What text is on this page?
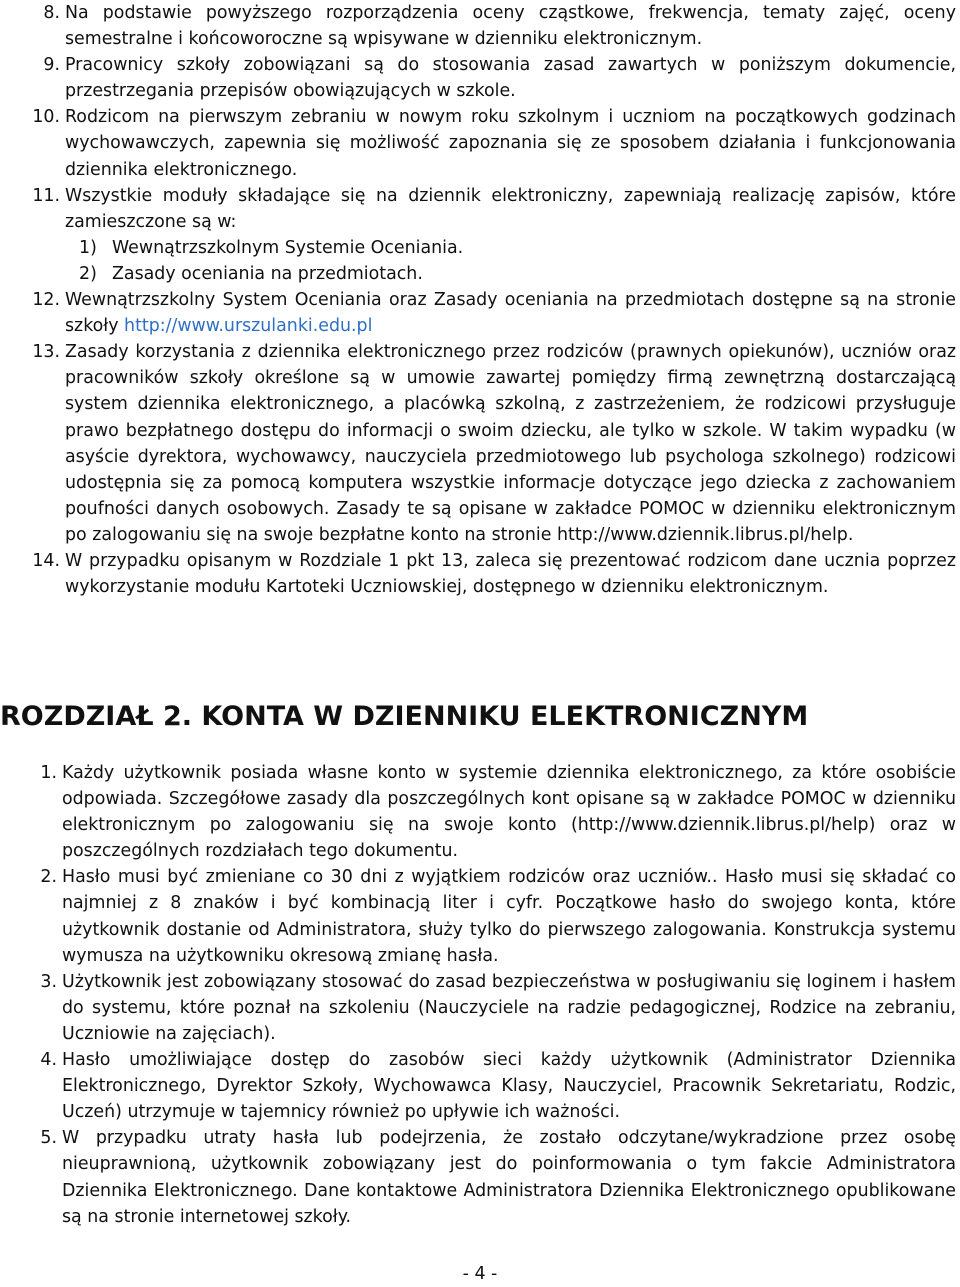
8. Na podstawie powyższego rozporządzenia oceny cząstkowe, frekwencja, tematy zajęć, oceny semestralne i końcoworoczne są wpisywane w dzienniku elektronicznym.
9. Pracownicy szkoły zobowiązani są do stosowania zasad zawartych w poniższym dokumencie, przestrzegania przepisów obowiązujących w szkole.
10. Rodzicom na pierwszym zebraniu w nowym roku szkolnym i uczniom na początkowych godzinach wychowawczych, zapewnia się możliwość zapoznania się ze sposobem działania i funkcjonowania dziennika elektronicznego.
11. Wszystkie moduły składające się na dziennik elektroniczny, zapewniają realizację zapisów, które zamieszczone są w:
1) Wewnątrzszkolnym Systemie Oceniania.
2) Zasady oceniania na przedmiotach.
12. Wewnątrzszkolny System Oceniania oraz Zasady oceniania na przedmiotach dostępne są na stronie szkoły http://www.urszulanki.edu.pl
13. Zasady korzystania z dziennika elektronicznego przez rodziców (prawnych opiekunów), uczniów oraz pracowników szkoły określone są w umowie zawartej pomiędzy firmą zewnętrzną dostarczającą system dziennika elektronicznego, a placówką szkolną, z zastrzeżeniem, że rodzicowi przysługuje prawo bezpłatnego dostępu do informacji o swoim dziecku, ale tylko w szkole. W takim wypadku (w asyście dyrektora, wychowawcy, nauczyciela przedmiotowego lub psychologa szkolnego) rodzicowi udostępnia się za pomocą komputera wszystkie informacje dotyczące jego dziecka z zachowaniem poufności danych osobowych. Zasady te są opisane w zakładce POMOC w dzienniku elektronicznym po zalogowaniu się na swoje bezpłatne konto na stronie http://www.dziennik.librus.pl/help.
14. W przypadku opisanym w Rozdziale 1 pkt 13, zaleca się prezentować rodzicom dane ucznia poprzez wykorzystanie modułu Kartoteki Uczniowskiej, dostępnego w dzienniku elektronicznym.
ROZDZIAŁ 2. KONTA W DZIENNIKU ELEKTRONICZNYM
1. Każdy użytkownik posiada własne konto w systemie dziennika elektronicznego, za które osobiście odpowiada. Szczegółowe zasady dla poszczególnych kont opisane są w zakładce POMOC w dzienniku elektronicznym po zalogowaniu się na swoje konto (http://www.dziennik.librus.pl/help) oraz w poszczególnych rozdziałach tego dokumentu.
2. Hasło musi być zmieniane co 30 dni z wyjątkiem rodziców oraz uczniów.. Hasło musi się składać co najmniej z 8 znaków i być kombinacją liter i cyfr. Początkowe hasło do swojego konta, które użytkownik dostanie od Administratora, służy tylko do pierwszego zalogowania. Konstrukcja systemu wymusza na użytkowniku okresową zmianę hasła.
3. Użytkownik jest zobowiązany stosować do zasad bezpieczeństwa w posługiwaniu się loginem i hasłem do systemu, które poznał na szkoleniu (Nauczyciele na radzie pedagogicznej, Rodzice na zebraniu, Uczniowie na zajęciach).
4. Hasło umożliwiające dostęp do zasobów sieci każdy użytkownik (Administrator Dziennika Elektronicznego, Dyrektor Szkoły, Wychowawca Klasy, Nauczyciel, Pracownik Sekretariatu, Rodzic, Uczeń) utrzymuje w tajemnicy również po upływie ich ważności.
5. W przypadku utraty hasła lub podejrzenia, że zostało odczytane/wykradzione przez osobę nieuprawnioną, użytkownik zobowiązany jest do poinformowania o tym fakcie Administratora Dziennika Elektronicznego. Dane kontaktowe Administratora Dziennika Elektronicznego opublikowane są na stronie internetowej szkoły.
- 4 -
